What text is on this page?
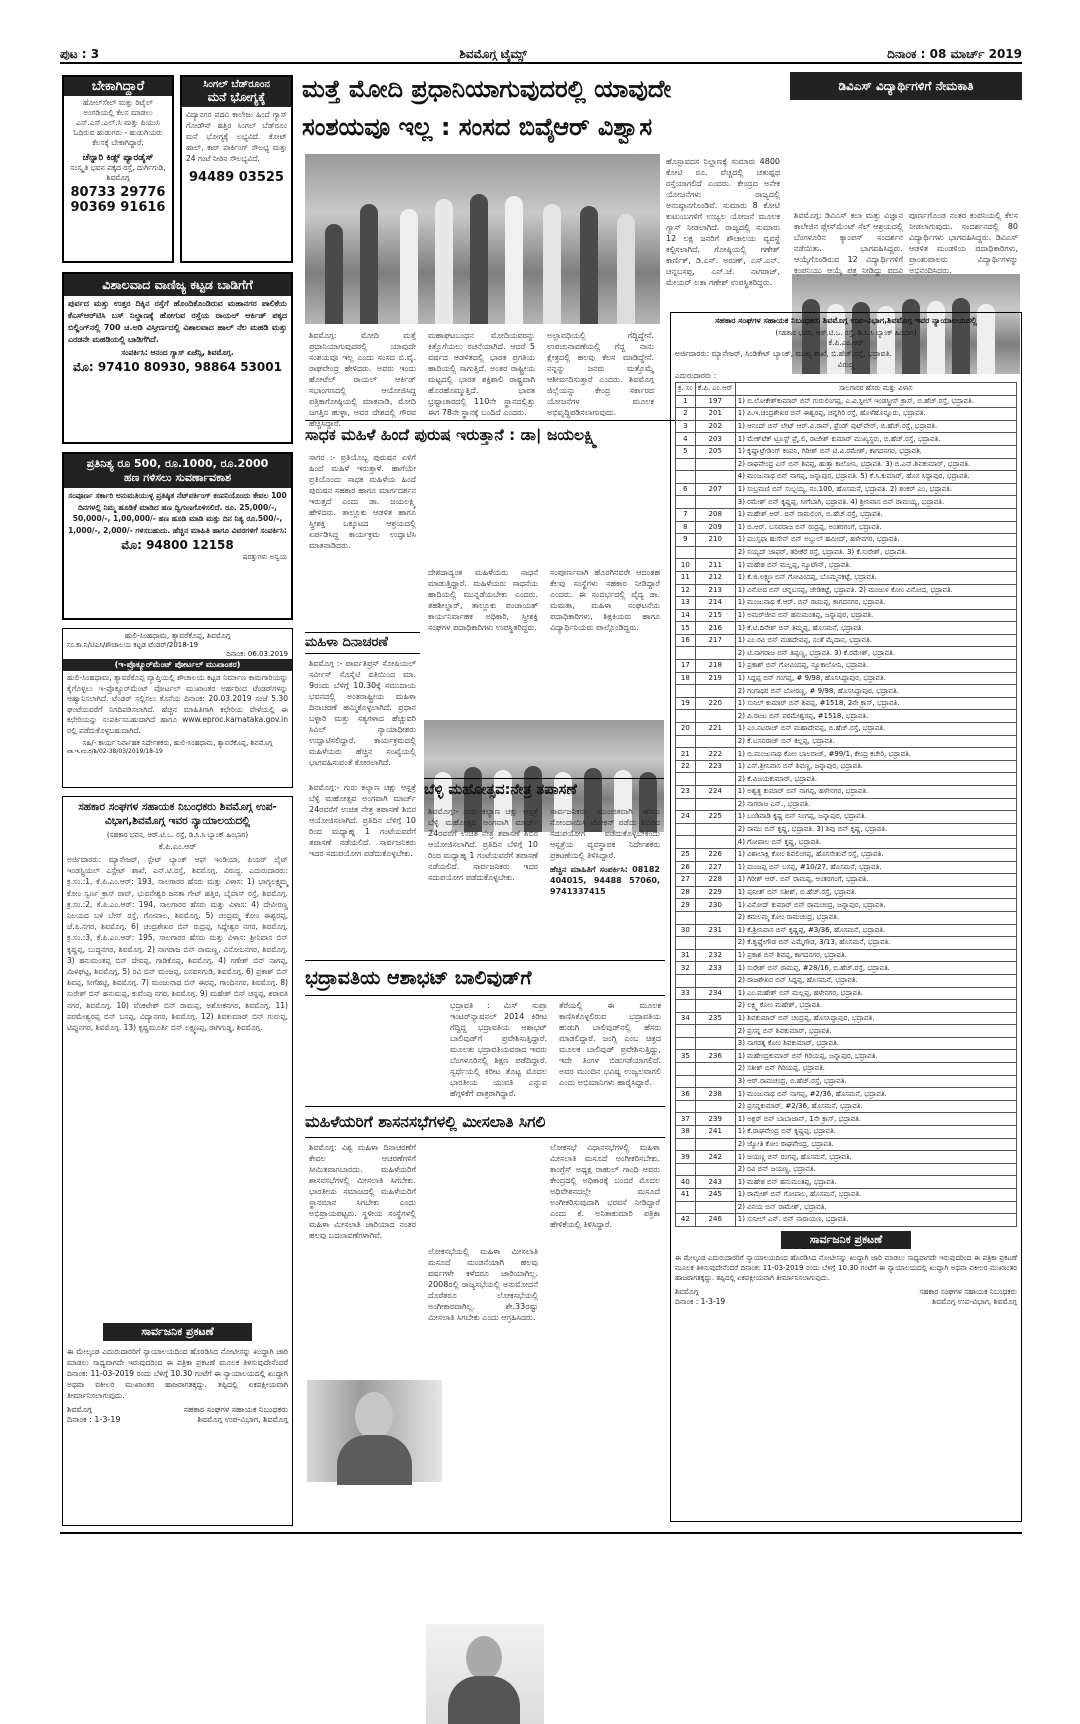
ಪುಟ : 3	ಶಿವಮೊಗ್ಗ ಟೈಮ್ಸ್	ದಿನಾಂಕ : 08 ಮಾರ್ಚ್ 2019
ಬೇಕಾಗಿದ್ದಾರೆ
ಹೋಲ್‌ಸೇಲ್ ಮತ್ತು ರಿಟೈಲ್ ಅಂಗಡಿಯಲ್ಲಿ ಕೆಲಸ ಮಾಡಲು ಎಸ್.ಎಸ್.ಎಲ್.ಸಿ ಮತ್ತು ಪಿಯುಸಿ ಓದಿರುವ ಹುಡುಗರು - ಹುಡುಗಿಯರು ಕೆಲಸಕ್ಕೆ ಬೇಕಾಗಿದ್ದಾರೆ.
ಚೆನ್ನಾರಿ ಕಿಡ್ಸ್ ಪ್ಯಾರಡೈಸ್
ಸಂಸ್ಕೃತಿ ಭವನ ಪಕ್ಕದ ರಸ್ತೆ, ದುರ್ಗಿಗುಡಿ, ಶಿವಮೊಗ್ಗ
80733 29776
90369 91616
ಸಿಂಗಲ್ ಬೆಡ್‌ರೂಂನ
ಮನೆ ಭೋಗ್ಯಕ್ಕೆ
ವಿದ್ಯಾನಗರ ಪದವಿ ಕಾಲೇಜು ಹಿಂದೆ ಗ್ಯಾಸ್ ಗೋಡೌನ್ ಹತ್ತಿರ ಸಿಂಗಲ್ ಬೆಡ್‌ರೂಂ ಮನೆ ಭೋಗ್ಯಕ್ಕೆ ಲಭ್ಯವಿದೆ. ಕೋಟ್ ಹಾಲ್, ಕಾರ್ ಪಾರ್ಕಿಂಗ್ ಸೌಲಭ್ಯ ಮತ್ತು 24 ಗಂಟೆ ನೀರಿನ ಸೌಲಭ್ಯವಿದೆ.
94489 03525
ವಿಶಾಲವಾದ ವಾಣಿಜ್ಯ ಕಟ್ಟಡ ಬಾಡಿಗೆಗೆ
ಪುರ್ವದ ಮತ್ತು ಉತ್ತರ ದಿಕ್ಕಿನ ರಸ್ತೆಗೆ ಹೊಂದಿಕೊಂಡಿರುವ ಮಹಾನಗರ ಪಾಲಿಕೆಯ ಕೆಎಸ್‌ಆರ್‌ಟಿಸಿ ಬಸ್ ನಿಲ್ದಾಣಕ್ಕೆ ಹೋಗುವ ರಸ್ತೆಯ ರಾಯಲ್ ಆರ್ಕಿಡ್ ಪಕ್ಕದ ಬಿಲ್ಡಿಂಗ್‌ನಲ್ಲಿ 700 ಚ.ಅಡಿ ವಿಸ್ತೀರ್ಣದಲ್ಲಿ ವಿಶಾಲವಾದ ಹಾಲ್ ನೆಲ ಮಹಡಿ ಮತ್ತು ಎರಡನೇ ಮಹಡಿಯಲ್ಲಿ ಬಾಡಿಗೆಗಿದೆ.
ಸಂಪರ್ಕಿಸಿ: ಆನಂದ ಗ್ಯಾಸ್ ಏಜೆನ್ಸಿ, ಶಿವಮೊಗ್ಗ.
ಮೊ: 97410 80930, 98864 53001
ಪ್ರತಿನಿತ್ಯ ರೂ 500, ರೂ.1000, ರೂ.2000
ಹಣ ಗಳಿಸಲು ಸುವರ್ಣಾವಕಾಶ
ಸಂಪೂರ್ಣ ಸರ್ಕಾರಿ ಅನುಮತಿಯುಳ್ಳ ಪ್ರತಿಷ್ಠಿತ ನೆಟ್‌ವರ್ಕಿಂಗ್ ಕಂಪನಿಯೊಂದು ಕೇವಲ 100 ದಿನಗಳಲ್ಲಿ ನಿಮ್ಮ ಹೂಡಿಕೆ ಮಾಡಿದ ಹಣ ದ್ವಿಗುಣಗೊಳಿಸಲಿದೆ. ರೂ. 25,000/-, 50,000/-, 1,00,000/- ಹಣ ಹೂಡಿ ಮಾಡಿ ಮತ್ತು ದಿನ ನಿತ್ಯ ರೂ.500/-, 1,000/-, 2,000/- ಗಳಿಸಬಹುದು. ಹೆಚ್ಚಿನ ಮಾಹಿತಿ ಹಾಗೂ ವಿವರಗಳಿಗೆ ಸಂಪರ್ಕಿಸಿ:
ಮೊ: 94800 12158
ಷರತ್ತುಗಳು ಅನ್ವಯ
ಹುಲಿ-ಸಿಂಹಧಾಮ, ತ್ಯಾವರೆಕೊಪ್ಪ, ಶಿವಮೊಗ್ಗ
ಸಂ.ಕಾ.ನಿ/ಟಿಎಸಿ/ಶೌಚಾಲಯ ಕಟ್ಟಡ ಟೆಂಡರ್/2018-19
ದಿನಾಂಕ: 06.03.2019
(ಇ-ಪ್ರೊಕ್ಯೂರ್‌ಮೆಂಟ್ ಪೋರ್ಟಲ್ ಮುಖಾಂತರ)
ಹುಲಿ-ಸಿಂಹಧಾಮ, ತ್ಯಾವರೆಕೊಪ್ಪ ವ್ಯಾಪ್ತಿಯಲ್ಲಿ ಶೌಚಾಲಯ ಕಟ್ಟಡ ನಿರ್ಮಾಣ ಕಾಮಗಾರಿಯನ್ನು ಕೈಗೊಳ್ಳಲು ಇ-ಪ್ರೊಕ್ಯೂರ್‌ಮೆಂಟ್ ಪೋರ್ಟಲ್ ಮುಖಾಂತರ ಅರ್ಹರಿಂದ ಟೆಂಡರ್‌ಗಳನ್ನು ಆಹ್ವಾನಿಸಲಾಗಿದೆ. ಟೆಂಡರ್ ಸಲ್ಲಿಸಲು ಕೊನೆಯ ದಿನಾಂಕ: 20.03.2019 ಸಂಜೆ 5.30 ಘಂಟೆಯವರೆಗೆ ನಿಗದಿಪಡಿಸಲಾಗಿದೆ. ಹೆಚ್ಚಿನ ಮಾಹಿತಿಗಾಗಿ ಕಛೇರಿಯ ವೇಳೆಯಲ್ಲಿ ಈ ಕಛೇರಿಯನ್ನು ಸಂಪರ್ಕಿಸಬಹುದಾಗಿದೆ ಹಾಗೂ www.eproc.karnataka.gov.in ರಲ್ಲಿ ಪಡೆದುಕೊಳ್ಳಬಹುದಾಗಿದೆ.
ಸಹಿ/- ಕಾರ್ಯ ನಿರ್ವಾಹಕ ನಿರ್ದೇಶಕರು, ಹುಲಿ-ಸಿಂಹಧಾಮ, ತ್ಯಾವರೆಕೊಪ್ಪ, ಶಿವಮೊಗ್ಗ
ವಾ.ಇ.ಸಂ.ರ/ಶಿ/02-38/03/2019/18-19
ಸಹಕಾರ ಸಂಘಗಳ ಸಹಾಯಕ ನಿಬಂಧಕರು ಶಿವಮೊಗ್ಗ ಉಪ-ವಿಭಾಗ,ಶಿವಮೊಗ್ಗ ಇವರ ನ್ಯಾಯಾಲಯದಲ್ಲಿ
(ಸಹಕಾರ ಭವನ, ಆರ್.ಟಿ.ಒ. ರಸ್ತೆ, ಡಿ.ಸಿ.ಸಿ ಬ್ಯಾಂಕ್ ಹಿಂಭಾಗ)
ಕೆ.ಪಿ.ಎಂ.ಆರ್
ಅರ್ಜಿದಾರರು: ಮ್ಯಾನೇಜರ್, ಸ್ಟೇಟ್ ಬ್ಯಾಂಕ್ ಆಫ್ ಇಂಡಿಯಾ, ಪಿಯರ್ ಲೈಟ್ ಇಂಡಸ್ಟ್ರಿಯಲ್ ಎಸ್ಟೇಟ್ ಶಾಖೆ, ಎನ್.ಟಿ.ರಸ್ತೆ, ಶಿವಮೊಗ್ಗ. ವಿರುದ್ಧ. ಎದುರುದಾರರು: ಕ್ರ.ಸಂ.:1, ಕೆ.ಪಿ.ಎಂ.ಆರ್: 193, ಸಾಲಗಾರರ ಹೆಸರು ಮತ್ತು ವಿಳಾಸ: 1) ಭಾಗ್ಯಲಕ್ಷ್ಮಮ್ಮ ಕೋಂ ಸ್ವರ್ಣ ಕ್ರಾಸ್ ರಾವ್, ಭುವನೇಶ್ವರಿ ಜನತಾ ಗೇಟ್ ಹತ್ತಿರ, ಬೈಪಾಸ್ ರಸ್ತೆ, ಶಿವಮೊಗ್ಗ. ಕ್ರ.ಸಂ.:2, ಕೆ.ಪಿ.ಎಂ.ಆರ್: 194, ಸಾಲಗಾರರ ಹೆಸರು ಮತ್ತು ವಿಳಾಸ: 4) ದೇವೀರಣ್ಣ ನಿಲಯದ ಬಳಿ ಬೇಸ್ ರಸ್ತೆ, ಗೋಪಾಲ, ಶಿವಮೊಗ್ಗ. 5) ಚಂದ್ರಮ್ಮ ಕೋಂ ಈಶ್ವರಪ್ಪ, ಜೆ.ಪಿ.ನಗರ, ಶಿವಮೊಗ್ಗ. 6) ಚಂದ್ರಶೇಖರ ಬಿನ್ ರುದ್ರಪ್ಪ, ಸಿದ್ದೇಶ್ವರ ನಗರ, ಶಿವಮೊಗ್ಗ. ಕ್ರ.ಸಂ.:3, ಕೆ.ಪಿ.ಎಂ.ಆರ್: 195, ಸಾಲಗಾರರ ಹೆಸರು ಮತ್ತು ವಿಳಾಸ: ಶ್ರೀನಿವಾಸ ಬಿನ್ ಕೃಷ್ಣಪ್ಪ, ಬುದ್ಧನಗರ, ಶಿವಮೊಗ್ಗ. 2) ನಾಗರಾಜ ಬಿನ್ ರಾಮಣ್ಣ, ವಿನೋಬನಗರ, ಶಿವಮೊಗ್ಗ. 3) ಹನುಮಂತಪ್ಪ ಬಿನ್ ದೇವಪ್ಪ, ಗಾಡಿಕೊಪ್ಪ, ಶಿವಮೊಗ್ಗ. 4) ಗಣೇಶ್ ಬಿನ್ ನಾಗಪ್ಪ, ಮಿಳಘಟ್ಟ, ಶಿವಮೊಗ್ಗ. 5) ರವಿ ಬಿನ್ ಮಂಜಪ್ಪ, ಬಸವನಗುಡಿ, ಶಿವಮೊಗ್ಗ. 6) ಪ್ರಕಾಶ್ ಬಿನ್ ಶಿವಪ್ಪ, ಸೀಗೆಹಟ್ಟಿ, ಶಿವಮೊಗ್ಗ. 7) ಮಂಜುನಾಥ ಬಿನ್ ಈರಪ್ಪ, ಗಾಂಧಿನಗರ, ಶಿವಮೊಗ್ಗ. 8) ಸುರೇಶ್ ಬಿನ್ ಹನುಮಪ್ಪ, ಕುವೆಂಪು ನಗರ, ಶಿವಮೊಗ್ಗ. 9) ಮಹೇಶ್ ಬಿನ್ ಚನ್ನಪ್ಪ, ಶರಾವತಿ ನಗರ, ಶಿವಮೊಗ್ಗ. 10) ವೆಂಕಟೇಶ್ ಬಿನ್ ರಾಮಪ್ಪ, ಅಶೋಕನಗರ, ಶಿವಮೊಗ್ಗ. 11) ಪರಮೇಶ್ವರಪ್ಪ ಬಿನ್ ಬಸಪ್ಪ, ವಿದ್ಯಾನಗರ, ಶಿವಮೊಗ್ಗ. 12) ಶಿವಕುಮಾರ್ ಬಿನ್ ಗುರುಪ್ಪ, ಟಿಪ್ಪುನಗರ, ಶಿವಮೊಗ್ಗ. 13) ಕೃಷ್ಣಮೂರ್ತಿ ಬಿನ್ ಲಕ್ಷ್ಮಣಪ್ಪ, ರಾಗಿಗುಡ್ಡ, ಶಿವಮೊಗ್ಗ.
ಸಾರ್ವಜನಿಕ ಪ್ರಕಟಣೆ
ಈ ಮೇಲ್ಕಂಡ ಎದುರುದಾರರಿಗೆ ನ್ಯಾಯಾಲಯದಿಂದ ಹೊರಡಿಸಿದ ನೋಟೀಸನ್ನು ಖುದ್ದಾಗಿ ಜಾರಿ ಮಾಡಲು ಸಾಧ್ಯವಾಗದೇ ಇರುವುದರಿಂದ ಈ ಪತ್ರಿಕಾ ಪ್ರಕಟಣೆ ಮೂಲಕ ತಿಳಿಸುವುದೇನೆಂದರೆ ದಿನಾಂಕ: 11-03-2019 ರಂದು ಬೆಳಿಗ್ಗೆ 10.30 ಗಂಟೆಗೆ ಈ ನ್ಯಾಯಾಲಯದಲ್ಲಿ ಖುದ್ದಾಗಿ ಅಥವಾ ವಕೀಲರ ಮುಖಾಂತರ ಹಾಜರಾಗತಕ್ಕದ್ದು. ತಪ್ಪಿದಲ್ಲಿ ಏಕಪಕ್ಷೀಯವಾಗಿ ತೀರ್ಮಾನಿಸಲಾಗುವುದು.
ಶಿವಮೊಗ್ಗ
ದಿನಾಂಕ : 1-3-19
ಸಹಕಾರ ಸಂಘಗಳ ಸಹಾಯಕ ನಿಬಂಧಕರು
ಶಿವಮೊಗ್ಗ ಉಪ-ವಿಭಾಗ, ಶಿವಮೊಗ್ಗ
ಮತ್ತೆ ಮೋದಿ ಪ್ರಧಾನಿಯಾಗುವುದರಲ್ಲಿ ಯಾವುದೇ
ಸಂಶಯವೂ ಇಲ್ಲ : ಸಂಸದ ಬಿವೈಆರ್ ವಿಶ್ವಾಸ
ಶಿವಮೊಗ್ಗ: ಮೋದಿ ಮತ್ತೆ ಪ್ರಧಾನಿಯಾಗುವುದರಲ್ಲಿ ಯಾವುದೇ ಸಂಶಯವೂ ಇಲ್ಲ ಎಂದು ಸಂಸದ ಬಿ.ವೈ. ರಾಘವೇಂದ್ರ ಹೇಳಿದರು. ಅವರು ಇಂದು ಹೋಟೆಲ್ ರಾಯಲ್ ಆರ್ಕಿಡ್ ಸಭಾಂಗಣದಲ್ಲಿ ಆಯೋಜಿಸಿದ್ದ ಪತ್ರಿಕಾಗೋಷ್ಠಿಯಲ್ಲಿ ಮಾತನಾಡಿ, ಮೋದಿ ಜಗತ್ತಿನ ಹುಳ್ಳಾ, ಅವರ ದೇಶದಲ್ಲಿ ಗೌರವ ಹೆಚ್ಚಿಸಿದ್ದಾರೆ.
ಮಹಾಘಟಬಂಧನ ಮೋದಿಯವರನ್ನು ಕಿತ್ತೊಗೆಯಲು ರಚನೆಯಾಗಿದೆ. ಆದರೆ 5 ವರ್ಷದ ಆಡಳಿತದಲ್ಲಿ ಭಾರತ ಪ್ರಗತಿಯ ಹಾದಿಯಲ್ಲಿ ಸಾಗುತ್ತಿದೆ. ಅಂತರ ರಾಷ್ಟ್ರೀಯ ಮಟ್ಟದಲ್ಲಿ ಭಾರತ ಶಕ್ತಿಶಾಲಿ ರಾಷ್ಟ್ರವಾಗಿ ಹೊರಹೊಮ್ಮುತ್ತಿದೆ. ಭಾರತ ಭ್ರಷ್ಟಾಚಾರದಲ್ಲಿ 110ನೇ ಸ್ಥಾನದಲ್ಲಿತ್ತು ಈಗ 78ನೇ ಸ್ಥಾನಕ್ಕೆ ಬಂದಿದೆ ಎಂದರು.
ಅಲ್ಪಾವಧಿಯಲ್ಲಿ ಗೆದ್ದಿದ್ದೇನೆ. ಉಪಚುನಾವಣೆಯಲ್ಲಿ ಗೆದ್ದ ನಾನು ಕ್ಷೇತ್ರದಲ್ಲಿ ಹಲವು ಕೆಲಸ ಮಾಡಿದ್ದೇನೆ. ನನ್ನನ್ನು ಜನರು ಮತ್ತೊಮ್ಮೆ ಆಶೀರ್ವದಿಸುತ್ತಾರೆ ಎಂದರು. ಶಿವಮೊಗ್ಗ ಜಿಲ್ಲೆಯನ್ನು ಕೇಂದ್ರ ಸರ್ಕಾರದ ಯೋಜನೆಗಳ ಮೂಲಕ ಅಭಿವೃದ್ಧಿಪಡಿಸಲಾಗುವುದು.
ಹೊಸ್ಪಾವದಸ ನಿಲ್ದಾಣಕ್ಕೆ ಸುಮಾರು 4800 ಕೋಟಿ ರೂ. ವೆಚ್ಚದಲ್ಲಿ ಚತುಷ್ಪಥ ರಸ್ತೆಯಾಗಲಿದೆ ಎಂದರು. ಕೇಂದ್ರದ ಅನೇಕ ಯೋಜನೆಗಳು ರಾಜ್ಯದಲ್ಲಿ ಅನುಷ್ಠಾನಗೊಂಡಿವೆ. ಸುಮಾರು 8 ಕೋಟಿ ಕುಟುಂಬಗಳಿಗೆ ಉಜ್ವಲ ಯೋಜನೆ ಮೂಲಕ ಗ್ಯಾಸ್ ನೀಡಲಾಗಿದೆ. ರಾಜ್ಯದಲ್ಲಿ ಸುಮಾರು 12 ಲಕ್ಷ ಜನರಿಗೆ ಶೌಚಾಲಯ ವ್ಯವಸ್ಥೆ ಕಲ್ಪಿಸಲಾಗಿದೆ. ಗೋಷ್ಠಿಯಲ್ಲಿ ಗಣೇಶ್ ಕಾರ್ಣಿಕ್, ಡಿ.ಎಸ್. ಅರುಣ್, ಎಸ್.ಎನ್. ಚನ್ನಬಸಪ್ಪ, ಎನ್.ಜೆ. ನಾಗರಾಜ್, ಮೇಯರ್ ಲತಾ ಗಣೇಶ್ ಉಪಸ್ಥಿತರಿದ್ದರು.
ಡಿವಿಎಸ್ ವಿದ್ಯಾರ್ಥಿಗಳಿಗೆ ನೇಮಕಾತಿ
ಶಿವಮೊಗ್ಗ: ಡಿವಿಎಸ್ ಕಲಾ ಮತ್ತು ವಿಜ್ಞಾನ ಕಾಲೇಜಿನ ಪ್ಲೇಸ್‌ಮೆಂಟ್ ಸೆಲ್ ಆಶ್ರಯದಲ್ಲಿ ಬೆಂಗಳೂರಿನ ಕ್ಯಾಂಪಸ್ ಸಂದರ್ಶನ ನಡೆಯಿತು. ಭಾಗವಹಿಸಿದ್ದರು. ಆಯ್ಕೆಗೊಂಡಿರುವ 12 ವಿದ್ಯಾರ್ಥಿಗಳಿಗೆ ಕಂಪನಿಯು ಆಯ್ಕೆ ಪತ್ರ ನೀಡಿದ್ದು ಪದವಿ ಪೂರ್ಣಗೊಂಡ ನಂತರ ಕಂಪನಿಯಲ್ಲಿ ಕೆಲಸ ನೀಡಲಾಗುವುದು. ಸಂದರ್ಶನದಲ್ಲಿ 80 ವಿದ್ಯಾರ್ಥಿಗಳು ಭಾಗವಹಿಸಿದ್ದರು. ಡಿವಿಎಸ್ ಆಡಳಿತ ಮಂಡಳಿಯ ಪದಾಧಿಕಾರಿಗಳು, ಪ್ರಾಂಶುಪಾಲರು ವಿದ್ಯಾರ್ಥಿಗಳನ್ನು ಅಭಿನಂದಿಸಿದರು.
ಸಾಧಕ ಮಹಿಳೆ ಹಿಂದೆ ಪುರುಷ ಇರುತ್ತಾನೆ : ಡಾ| ಜಯಲಕ್ಷ್ಮಿ
ಸಾಗರ :- ಪ್ರತಿಯೊಬ್ಬ ಪುರುಷನ ಏಳಿಗೆ ಹಿಂದೆ ಮಹಿಳೆ ಇರುತ್ತಾಳೆ. ಹಾಗೆಯೇ ಪ್ರತಿಯೊಂದು ಸಾಧಕ ಮಹಿಳೆಯ ಹಿಂದೆ ಪುರುಷನ ಸಹಕಾರ ಹಾಗೂ ಮಾರ್ಗದರ್ಶನ ಇರುತ್ತದೆ ಎಂದು ಡಾ. ಜಯಲಕ್ಷ್ಮಿ ಹೇಳಿದರು. ತಾಲ್ಲೂಕು ಆಡಳಿತ ಹಾಗೂ ಸ್ತ್ರೀಶಕ್ತಿ ಒಕ್ಕೂಟದ ಆಶ್ರಯದಲ್ಲಿ ಏರ್ಪಡಿಸಿದ್ದ ಕಾರ್ಯಕ್ರಮ ಉದ್ಘಾಟಿಸಿ ಮಾತನಾಡಿದರು.
ದೇಶದಾದ್ಯಂತ ಮಹಿಳೆಯರು ಸಾಧನೆ ಮಾಡುತ್ತಿದ್ದಾರೆ. ಮಹಿಳೆಯರು ಸಾಧನೆಯ ಹಾದಿಯಲ್ಲಿ ಮುನ್ನಡೆಯಬೇಕು ಎಂದರು. ತಹಶೀಲ್ದಾರ್, ತಾಲ್ಲೂಕು ಪಂಚಾಯತ್ ಕಾರ್ಯನಿರ್ವಾಹಕ ಅಧಿಕಾರಿ, ಸ್ತ್ರೀಶಕ್ತಿ ಸಂಘಗಳ ಪದಾಧಿಕಾರಿಗಳು ಉಪಸ್ಥಿತರಿದ್ದರು.
ಸಂಪೂರ್ಣವಾಗಿ ಹೊರಗಿನವರೇ ಆದಂತಹ ಕೆಲವು ಸಂಸ್ಥೆಗಳು ಸಹಕಾರ ನೀಡಿದ್ದಾರೆ ಎಂದರು. ಈ ಸಂದರ್ಭದಲ್ಲಿ ವೈದ್ಯ ಡಾ. ಮಮತಾ, ಮಹಿಳಾ ಸಂಘಟನೆಯ ಪದಾಧಿಕಾರಿಗಳು, ಶಿಕ್ಷಕಿಯರು ಹಾಗೂ ವಿದ್ಯಾರ್ಥಿನಿಯರು ಪಾಲ್ಗೊಂಡಿದ್ದರು.
ಮಹಿಳಾ ದಿನಾಚರಣೆ
ಶಿವಮೊಗ್ಗ :- ಪಾರ್ವತಿಪ್ರಸ್ ಸೋಷಿಯಲ್ ಸರ್ವೀಸ್ ಸೊಸೈಟಿ ವತಿಯಿಂದ ಮಾ. 9ರಂದು ಬೆಳಿಗ್ಗೆ 10.30ಕ್ಕೆ ಸಮುದಾಯ ಭವನದಲ್ಲಿ ಅಂತರಾಷ್ಟ್ರೀಯ ಮಹಿಳಾ ದಿನಾಚರಣೆ ಹಮ್ಮಿಕೊಳ್ಳಲಾಗಿದೆ. ಪ್ರಧಾನ ಬಳ್ಳಾರಿ ಮತ್ತು ಸತ್ಯಗಳಾದ ಹೆಚ್ಚುವರಿ ಸಿವಿಲ್ ನ್ಯಾಯಾಧೀಶರು ಉದ್ಘಾಟಿಸಲಿದ್ದಾರೆ. ಕಾರ್ಯಕ್ರಮದಲ್ಲಿ ಮಹಿಳೆಯರು ಹೆಚ್ಚಿನ ಸಂಖ್ಯೆಯಲ್ಲಿ ಭಾಗವಹಿಸುವಂತೆ ಕೋರಲಾಗಿದೆ.
ಬೆಳ್ಳಿ ಮಹೋತ್ಸವ:ನೇತ್ರ ತಪಾಸಣೆ
ಶಿವಮೊಗ್ಗ:- ಗುರು ಕಲ್ಯಾಣ ಚಕ್ಷು ಆಸ್ಪತ್ರೆ ಬೆಳ್ಳಿ ಮಹೋತ್ಸವ ಅಂಗವಾಗಿ ಮಾರ್ಚ್ 24ರವರೆಗೆ ಉಚಿತ ನೇತ್ರ ತಪಾಸಣೆ ಶಿಬಿರ ಆಯೋಜಿಸಲಾಗಿದೆ. ಪ್ರತಿದಿನ ಬೆಳಿಗ್ಗೆ 10 ರಿಂದ ಮಧ್ಯಾಹ್ನ 1 ಗಂಟೆಯವರೆಗೆ ತಪಾಸಣೆ ನಡೆಯಲಿದೆ. ಸಾರ್ವಜನಿಕರು ಇದರ ಸದುಪಯೋಗ ಪಡೆದುಕೊಳ್ಳಬೇಕು.
ಶಿವಮೊಗ್ಗ:- ಗುರು ಕಲ್ಯಾಣ ಚಕ್ಷು ಆಸ್ಪತ್ರೆ ಬೆಳ್ಳಿ ಮಹೋತ್ಸವ ಅಂಗವಾಗಿ ಮಾರ್ಚ್ 24ರವರೆಗೆ ಉಚಿತ ನೇತ್ರ ತಪಾಸಣೆ ಶಿಬಿರ ಆಯೋಜಿಸಲಾಗಿದೆ. ಪ್ರತಿದಿನ ಬೆಳಿಗ್ಗೆ 10 ರಿಂದ ಮಧ್ಯಾಹ್ನ 1 ಗಂಟೆಯವರೆಗೆ ತಪಾಸಣೆ ನಡೆಯಲಿದೆ. ಸಾರ್ವಜನಿಕರು ಇದರ ಸದುಪಯೋಗ ಪಡೆದುಕೊಳ್ಳಬೇಕು.
ಸಾರ್ವಜನಿಕರು ಮುಂಚಿತವಾಗಿ ಹೆಸರು ನೋಂದಾಯಿಸಿ ಟೋಕನ್ ಪಡೆದು ಶಿಬಿರದ ಸದುಪಯೋಗ ಪಡೆದುಕೊಳ್ಳಬೇಕೆಂದು ಆಸ್ಪತ್ರೆಯ ವ್ಯವಸ್ಥಾಪಕ ನಿರ್ದೇಶಕರು ಪ್ರಕಟಣೆಯಲ್ಲಿ ತಿಳಿಸಿದ್ದಾರೆ.
ಹೆಚ್ಚಿನ ಮಾಹಿತಿಗೆ ಸಂಪರ್ಕಿಸಿ: 08182 404015, 94488 57060, 9741337415
ಭದ್ರಾವತಿಯ ಆಶಾಭಟ್ ಬಾಲಿವುಡ್‌ಗೆ
ಭದ್ರಾವತಿ : ಮಿಸ್ ಸುಪ್ರಾ ಇಂಟರ್‌ನ್ಯಾಷನಲ್ 2014 ಕಿರೀಟ ಗೆದ್ದಿದ್ದ ಭದ್ರಾವತಿಯ ಆಶಾಭಟ್ ಬಾಲಿವುಡ್‌ಗೆ ಪ್ರವೇಶಿಸುತ್ತಿದ್ದಾರೆ. ಮೂಲತಃ ಭದ್ರಾವತಿಯವರಾದ ಇವರು ಬೆಂಗಳೂರಿನಲ್ಲಿ ಶಿಕ್ಷಣ ಪಡೆದಿದ್ದಾರೆ. ಸ್ವರ್ಧೆಯಲ್ಲಿ ಕಿರೀಟ ತೊಟ್ಟ ಮೊದಲ ಭಾರತೀಯ ಯುವತಿ ಎನ್ನುವ ಹೆಗ್ಗಳಿಕೆಗೆ ಪಾತ್ರರಾಗಿದ್ದಾರೆ.
ತೆರೆಯಲ್ಲಿ ಈ ಮೂಲಕ ಕಾಣಿಸಿಕೊಳ್ಳಲಿರುವ ಭದ್ರಾವತಿಯ ಹುಡುಗಿ ಬಾಲಿವುಡ್‌ನಲ್ಲಿ ಹೆಸರು ಮಾಡಲಿದ್ದಾರೆ. ಜಂಗ್ಲಿ ಎಂಬ ಚಿತ್ರದ ಮೂಲಕ ಬಾಲಿವುಡ್ ಪ್ರವೇಶಿಸುತ್ತಿದ್ದು, ಇದೇ ತಿಂಗಳ ಬಿಡುಗಡೆಯಾಗಲಿದೆ. ಅವರ ಮುಂದಿನ ಭವಿಷ್ಯ ಉಜ್ವಲವಾಗಲಿ ಎಂದು ಅಭಿಮಾನಿಗಳು ಹಾರೈಸಿದ್ದಾರೆ.
ಮಹಿಳೆಯರಿಗೆ ಶಾಸನಸಭೆಗಳಲ್ಲಿ ಮೀಸಲಾತಿ ಸಿಗಲಿ
ಶಿವಮೊಗ್ಗ: ವಿಶ್ವ ಮಹಿಳಾ ದಿನಾಚರಣೆಗೆ ಕೇವಲ ಆಚರಣೆಗಳಿಗೆ ಸೀಮಿತವಾಗಬಾರದು. ಮಹಿಳೆಯರಿಗೆ ಶಾಸನಸಭೆಗಳಲ್ಲಿ ಮೀಸಲಾತಿ ಸಿಗಬೇಕು. ಭಾರತೀಯ ಸಮಾಜದಲ್ಲಿ ಮಹಿಳೆಯರಿಗೆ ಸ್ಥಾನಮಾನ ಸಿಗಬೇಕು ಎಂದು ಅಭಿಪ್ರಾಯಪಟ್ಟರು. ಸ್ಥಳೀಯ ಸಂಸ್ಥೆಗಳಲ್ಲಿ ಮಹಿಳಾ ಮೀಸಲಾತಿ ಜಾರಿಯಾದ ನಂತರ ಹಲವು ಬದಲಾವಣೆಗಳಾಗಿವೆ.
ಲೋಕಸಭೆಯಲ್ಲಿ ಮಹಿಳಾ ಮೀಸಲಾತಿ ಮಸೂದೆ ಮಂಡನೆಯಾಗಿ ಹಲವು ವರ್ಷಗಳೇ ಕಳೆದರೂ ಜಾರಿಯಾಗಿಲ್ಲ. 2008ರಲ್ಲಿ ರಾಜ್ಯಸಭೆಯಲ್ಲಿ ಅನುಮೋದನೆ ದೊರೆತರೂ ಲೋಕಸಭೆಯಲ್ಲಿ ಅಂಗೀಕಾರವಾಗಿಲ್ಲ. ಶೇ.33ರಷ್ಟು ಮೀಸಲಾತಿ ಸಿಗಬೇಕು ಎಂದು ಆಗ್ರಹಿಸಿದರು.
ಲೋಕಸಭೆ ವಿಧಾನಸಭೆಗಳಲ್ಲಿ ಮಹಿಳಾ ಮೀಸಲಾತಿ ಮಸೂದೆ ಅಂಗೀಕರಿಸಬೇಕು. ಕಾಂಗ್ರೆಸ್ ಅಧ್ಯಕ್ಷ ರಾಹುಲ್ ಗಾಂಧಿ ಅವರು ಕೇಂದ್ರದಲ್ಲಿ ಅಧಿಕಾರಕ್ಕೆ ಬಂದರೆ ಮೊದಲ ಅಧಿವೇಶನದಲ್ಲೇ ಮಸೂದೆ ಅಂಗೀಕರಿಸುವುದಾಗಿ ಭರವಸೆ ನೀಡಿದ್ದಾರೆ ಎಂದು ಕೆ. ಅನಿತಾಕುಮಾರಿ ಪತ್ರಿಕಾ ಹೇಳಿಕೆಯಲ್ಲಿ ತಿಳಿಸಿದ್ದಾರೆ.
ಸಹಕಾರ ಸಂಘಗಳ ಸಹಾಯಕ ನಿಬಂಧಕರು ಶಿವಮೊಗ್ಗ ಉಪ-ವಿಭಾಗ,ಶಿವಮೊಗ್ಗ ಇವರ ನ್ಯಾಯಾಲಯದಲ್ಲಿ
(ಸಹಕಾರ ಭವನ, ಆರ್.ಟಿ.ಒ. ರಸ್ತೆ, ಡಿ.ಸಿ.ಸಿ ಬ್ಯಾಂಕ್ ಹಿಂಭಾಗ)
ಕೆ.ಪಿ.ಎಂ.ಆರ್
ಅರ್ಜಿದಾರರು: ಮ್ಯಾನೇಜರ್, ಸಿಂಡಿಕೇಟ್ ಬ್ಯಾಂಕ್, ಮುಖ್ಯ ಶಾಖೆ, ಬಿ.ಹೆಚ್.ರಸ್ತೆ, ಭದ್ರಾವತಿ.
ವಿರುದ್ಧ
ಎದುರುದಾರರು :
ಕ್ರ. ಸಂ	ಕೆ.ಪಿ. ಎಂ.ಆರ್	ಸಾಲಗಾರರ ಹೆಸರು ಮತ್ತು ವಿಳಾಸ
1	197	1) ಬಿ.ಲೋಕೇಶ್‌ಕುಮಾರ್ ಬಿನ್ ಗುರುಲಿಂಗಪ್ಪ, ಎ.ವಿ.ಸ್ಟೀಲ್ ಇಂಡಸ್ಟ್ರೀಸ್ ಕ್ರಾಸ್, ಬಿ.ಹೆಚ್.ರಸ್ತೆ, ಭದ್ರಾವತಿ.
2	201	1) ಪಿ.ಇ.ಚಂದ್ರಶೇಖರ ಬಿನ್ ಈಶ್ವರಪ್ಪ, ಚನ್ನಗಿರಿ ರಸ್ತೆ, ಹೊಳೆಹೊನ್ನೂರು, ಭದ್ರಾವತಿ.
3	202	1) ಆನಂದ್ ಬಿನ್ ಲೇಟ್ ಆರ್.ವಿ.ರಾವ್, ಫ್ರೆಂಡ್ ಪುಟ್‌ವೇರ್, ಬಿ.ಹೆಚ್.ರಸ್ತೆ, ಭದ್ರಾವತಿ.
4	203	1) ಮೇಕ್‌ಟೆಕ್ ಟ್ರೂಸ್ಟ್ ಪ್ರೈ.ಲಿ, ರಾಜೇಶ್ ಕುಮಾರ್ ಮುಖ್ಯಸ್ಥರು, ಬಿ.ಹೆಚ್.ರಸ್ತೆ, ಭದ್ರಾವತಿ.
5	205	1) ಕೃಷ್ಣಾಟ್ರೇಡಿಂಗ್ ಕಂಪನಿ, ಗಿರೀಶ್ ಬಿನ್ ಟಿ.ವಿ.ರಮೇಶ್, ಕಾಗದನಗರ, ಭದ್ರಾವತಿ.
		2) ರಾಘವೇಂದ್ರ ಎಸ್ ಬಿನ್ ಶಿವಪ್ಪ, ಹುತ್ತಾ ಕಾಲೋನಿ, ಭದ್ರಾವತಿ. 3) ಬಿ.ಎನ್.ಶಿವಕುಮಾರ್, ಭದ್ರಾವತಿ.
		4) ಮಂಜುನಾಥ ಬಿನ್ ನಾಗಪ್ಪ, ಜನ್ನಾಪುರ, ಭದ್ರಾವತಿ. 5) ಕೆ.ಸಿ.ಕುಮಾರ್, ಹೊಸ ಸಿದ್ದಾಪುರ, ಭದ್ರಾವತಿ.
6	207	1) ಸುಬ್ರಮಣಿ ಬಿನ್ ಸುಬ್ಬಯ್ಯ, ನಂ.100, ಹೊಸಮನೆ, ಭದ್ರಾವತಿ. 2) ಶಂಕರ್ ಎಂ, ಭದ್ರಾವತಿ.
		3) ರಮೇಶ್ ಬಿನ್ ಕೃಷ್ಣಪ್ಪ, ಸೀಗೆಬಾಗಿ, ಭದ್ರಾವತಿ. 4) ಶ್ರೀನಿವಾಸ ಬಿನ್ ರಾಮಯ್ಯ, ಭದ್ರಾವತಿ.
7	208	1) ಮಹೇಶ್ ಆರ್. ಬಿನ್ ರಾಮಲಿಂಗ, ಬಿ.ಹೆಚ್.ರಸ್ತೆ, ಭದ್ರಾವತಿ.
8	209	1) ಬಿ.ಆರ್. ಬಸವರಾಜ ಬಿನ್ ರುದ್ರಪ್ಪ, ಅಂತರಗಂಗೆ, ಭದ್ರಾವತಿ.
9	210	1) ಮುಸ್ತಫಾ ಹುಸೇನ್ ಬಿನ್ ಅಬ್ದುಲ್ ಹಮೀದ್, ಹಳೇನಗರ, ಭದ್ರಾವತಿ.
		2) ಸಯ್ಯದ್ ಜಾಫರ್, ತರೀಕೆರೆ ರಸ್ತೆ, ಭದ್ರಾವತಿ. 3) ಕೆ.ಸುರೇಶ್, ಭದ್ರಾವತಿ.
10	211	1) ಮಹೇಶ ಬಿನ್ ಮಲ್ಲಪ್ಪ, ನ್ಯೂಟೌನ್, ಭದ್ರಾವತಿ.
11	212	1) ಕೆ.ಜಿ.ಲಕ್ಷ್ಮಣ ಬಿನ್ ಗೋವಿಂದಪ್ಪ, ಬೊಮ್ಮನಕಟ್ಟೆ, ಭದ್ರಾವತಿ.
12	213	1) ವಿನೋದ ಬಿನ್ ಚನ್ನಬಸಪ್ಪ, ಜೇಡಿಕಟ್ಟೆ, ಭದ್ರಾವತಿ. 2) ಮಂಜುಳ ಕೋಂ ವಿನೋದ, ಭದ್ರಾವತಿ.
13	214	1) ಮಂಜುನಾಥ ಕೆ.ಆರ್. ಬಿನ್ ರಾಮಪ್ಪ, ಕಾಗದನಗರ, ಭದ್ರಾವತಿ.
14	215	1) ಅಮರ್‌ಜೀವ ಬಿನ್ ಹನುಮಂತಪ್ಪ, ಜನ್ನಾಪುರ, ಭದ್ರಾವತಿ.
15	216	1) ಕೆ.ಟಿ.ದಿನೇಶ್ ಬಿನ್ ತಿಮ್ಮಪ್ಪ, ಹೊಸಮನೆ, ಭದ್ರಾವತಿ.
16	217	1) ಎಂ.ರವಿ ಬಿನ್ ಮಹದೇವಪ್ಪ, ಸಂತೆ ಮೈದಾನ, ಭದ್ರಾವತಿ.
		2) ಟಿ.ನಾಗರಾಜ ಬಿನ್ ತಿಪ್ಪಣ್ಣ, ಭದ್ರಾವತಿ. 3) ಕೆ.ರಮೇಶ್, ಭದ್ರಾವತಿ.
17	218	1) ಪ್ರಕಾಶ್ ಬಿನ್ ಗೋವಿಂದಪ್ಪ, ನ್ಯೂಕಾಲೋನಿ, ಭದ್ರಾವತಿ.
18	219	1) ಸಿದ್ದಪ್ಪ ಬಿನ್ ಗಂಗಪ್ಪ, # 9/98, ಹೊಸಸಿದ್ದಾಪುರ, ಭದ್ರಾವತಿ.
		2) ಗಂಗಾಧರ ಬಿನ್ ಬೋರಣ್ಣ, # 9/98, ಹೊಸಸಿದ್ದಾಪುರ, ಭದ್ರಾವತಿ.
19	220	1) ಸುನಿಲ್ ಕುಮಾರ್ ಬಿನ್ ಶಿವಪ್ಪ, #1518, 2ನೇ ಕ್ರಾಸ್, ಭದ್ರಾವತಿ.
		2) ಪಿ.ರಾಜು ಬಿನ್ ಪರಮೇಶ್ವರಪ್ಪ, #1518, ಭದ್ರಾವತಿ.
20	221	1) ಎಂ.ನಟರಾಜ್ ಬಿನ್ ಮಹಾದೇವಪ್ಪ, ಬಿ.ಹೆಚ್.ರಸ್ತೆ, ಭದ್ರಾವತಿ.
		2) ಕೆ.ಬಸವರಾಜ್ ಬಿನ್ ಕಲ್ಲಪ್ಪ, ಭದ್ರಾವತಿ.
21	222	1) ಬಿ.ಮಂಜುನಾಥ ಕೋಂ ಬಾಲರಾಜ್, #99/1, ಕೇಂದ್ರ ಕಚೇರಿ, ಭದ್ರಾವತಿ.
22	223	1) ಎಸ್.ಶ್ರೀನಿವಾಸ ಬಿನ್ ಶಿವಣ್ಣ, ಜನ್ನಾಪುರ, ಭದ್ರಾವತಿ.
		2) ಕೆ.ವಿಜಯಕುಮಾರ್, ಭದ್ರಾವತಿ.
23	224	1) ಅಶ್ವತ್ಥ ಕುಮಾರ್ ಬಿನ್ ನಾಗಪ್ಪ, ಹಳೇನಗರ, ಭದ್ರಾವತಿ.
		2) ನಾಗರಾಜ ಎನ್., ಭದ್ರಾವತಿ.
24	225	1) ಬಂಡಿವಾಡಿ ಕೃಷ್ಣ ಬಿನ್ ನಿಂಗಪ್ಪ, ಜನ್ನಾಪುರ, ಭದ್ರಾವತಿ.
		2) ರಾಮು ಬಿನ್ ಕೃಷ್ಣ, ಭದ್ರಾವತಿ. 3) ಶಿವು ಬಿನ್ ಕೃಷ್ಣ, ಭದ್ರಾವತಿ.
		4) ಗೋಪಾಲ ಬಿನ್ ಕೃಷ್ಣ, ಭದ್ರಾವತಿ.
25	226	1) ವಿಶಾಲಾಕ್ಷಿ ಕೋಂ ಶಿವಲಿಂಗಪ್ಪ, ಹೊಸಸೇತುವೆ ರಸ್ತೆ, ಭದ್ರಾವತಿ.
26	227	1) ಮಂಜಪ್ಪ ಬಿನ್ ಬಸಪ್ಪ, #10/27, ಹೊಸಮನೆ, ಭದ್ರಾವತಿ.
27	228	1) ಗಿರೀಶ್ ಆರ್. ಬಿನ್ ರಾಮಪ್ಪ, ಅಂತರಗಂಗೆ, ಭದ್ರಾವತಿ.
28	229	1) ಪುನೀತ್ ಬಿನ್ ಸತೀಶ್, ಬಿ.ಹೆಚ್.ರಸ್ತೆ, ಭದ್ರಾವತಿ.
29	230	1) ವಿನೋದ್ ಕುಮಾರ್ ಬಿನ್ ರಾಮಚಂದ್ರ, ಜನ್ನಾಪುರ, ಭದ್ರಾವತಿ.
		2) ಕಮಲಮ್ಮ ಕೋಂ ರಾಮಚಂದ್ರ, ಭದ್ರಾವತಿ.
30	231	1) ಕೆ.ಶ್ರೀನಿವಾಸ ಬಿನ್ ಕೃಷ್ಣಪ್ಪ, #3/36, ಹೊಸಮನೆ, ಭದ್ರಾವತಿ.
		2) ಕೆ.ಕೃಷ್ಣೇಗೌಡ ಬಿನ್ ಎಮ್ಮೆಗೌಡ, 3/13, ಹೊಸಮನೆ, ಭದ್ರಾವತಿ.
31	232	1) ಪ್ರಕಾಶ ಬಿನ್ ಶಿವಪ್ಪ, ಕಾಗದನಗರ, ಭದ್ರಾವತಿ.
32	233	1) ಸುರೇಶ್ ಬಿನ್ ರಾಮಪ್ಪ, #28/16, ಬಿ.ಹೆಚ್.ರಸ್ತೆ, ಭದ್ರಾವತಿ.
		2) ರಾಜಶೇಖರ ಬಿನ್ ಸಿದ್ದಪ್ಪ, ಹೊಸಮನೆ, ಭದ್ರಾವತಿ.
33	234	1) ಎಂ.ಮಹೇಶ್ ಬಿನ್ ಮಲ್ಲಪ್ಪ, ಹಳೇನಗರ, ಭದ್ರಾವತಿ.
		2) ಲಕ್ಷ್ಮಿ ಕೋಂ ಮಹೇಶ್, ಭದ್ರಾವತಿ.
34	235	1) ಶಿವಕುಮಾರ್ ಬಿನ್ ಚಂದ್ರಪ್ಪ, ಹೊಸಸಿದ್ದಾಪುರ, ಭದ್ರಾವತಿ.
		2) ಪ್ರಸನ್ನ ಬಿನ್ ಶಿವಕುಮಾರ್, ಭದ್ರಾವತಿ.
		3) ನಾಗರತ್ನ ಕೋಂ ಶಿವಕುಮಾರ್, ಭದ್ರಾವತಿ.
35	236	1) ಮಹೇಂದ್ರಕುಮಾರ್ ಬಿನ್ ಗಿರಿಯಪ್ಪ, ಜನ್ನಾಪುರ, ಭದ್ರಾವತಿ.
		2) ಸತೀಶ್ ಬಿನ್ ಗಿರಿಯಪ್ಪ, ಭದ್ರಾವತಿ.
		3) ಆರ್.ರಾಮಚಂದ್ರ, ಬಿ.ಹೆಚ್.ರಸ್ತೆ, ಭದ್ರಾವತಿ.
36	238	1) ಮಂಜುನಾಥ ಬಿನ್ ನಾಗಪ್ಪ, #2/36, ಹೊಸಮನೆ, ಭದ್ರಾವತಿ.
		2) ಪ್ರಸನ್ನಕುಮಾರ್, #2/36, ಹೊಸಮನೆ, ಭದ್ರಾವತಿ.
37	239	1) ಅಕ್ಬರ್ ಬಿನ್ ಬಾಬಾಜಾನ್, 1ನೇ ಕ್ರಾಸ್, ಭದ್ರಾವತಿ.
38	241	1) ಕೆ.ರಾಘವೇಂದ್ರ ಬಿನ್ ಕೃಷ್ಣಪ್ಪ, ಭದ್ರಾವತಿ.
		2) ಜ್ಯೋತಿ ಕೋಂ ರಾಘವೇಂದ್ರ, ಭದ್ರಾವತಿ.
39	242	1) ಜಯಣ್ಣ ಬಿನ್ ರಂಗಪ್ಪ, ಹೊಸಮನೆ, ಭದ್ರಾವತಿ.
		2) ರವಿ ಬಿನ್ ಜಯಣ್ಣ, ಭದ್ರಾವತಿ.
40	243	1) ಮಹೇಶ ಬಿನ್ ಹನುಮಂತಪ್ಪ, ಭದ್ರಾವತಿ.
41	245	1) ರಾಮೇಶ್ ಬಿನ್ ಗೋಪಾಲ, ಹೊಸಮನೆ, ಭದ್ರಾವತಿ.
		2) ವಿನಯ ಬಿನ್ ರಾಮೇಶ್, ಭದ್ರಾವತಿ.
42	246	1) ಸುನೀಲ್ ಎನ್. ಬಿನ್ ನಾರಾಯಣ, ಭದ್ರಾವತಿ.
ಸಾರ್ವಜನಿಕ ಪ್ರಕಟಣೆ
ಈ ಮೇಲ್ಕಂಡ ಎದುರುದಾರರಿಗೆ ನ್ಯಾಯಾಲಯದಿಂದ ಹೊರಡಿಸಿದ ನೋಟೀಸನ್ನು ಖುದ್ದಾಗಿ ಜಾರಿ ಮಾಡಲು ಸಾಧ್ಯವಾಗದೇ ಇರುವುದರಿಂದ ಈ ಪತ್ರಿಕಾ ಪ್ರಕಟಣೆ ಮೂಲಕ ತಿಳಿಸುವುದೇನೆಂದರೆ ದಿನಾಂಕ: 11-03-2019 ರಂದು ಬೆಳಿಗ್ಗೆ 10.30 ಗಂಟೆಗೆ ಈ ನ್ಯಾಯಾಲಯದಲ್ಲಿ ಖುದ್ದಾಗಿ ಅಥವಾ ವಕೀಲರ ಮುಖಾಂತರ ಹಾಜರಾಗತಕ್ಕದ್ದು. ತಪ್ಪಿದಲ್ಲಿ ಏಕಪಕ್ಷೀಯವಾಗಿ ತೀರ್ಮಾನಿಸಲಾಗುವುದು.
ಶಿವಮೊಗ್ಗ
ದಿನಾಂಕ : 1-3-19
ಸಹಕಾರ ಸಂಘಗಳ ಸಹಾಯಕ ನಿಬಂಧಕರು
ಶಿವಮೊಗ್ಗ ಉಪ-ವಿಭಾಗ, ಶಿವಮೊಗ್ಗ
